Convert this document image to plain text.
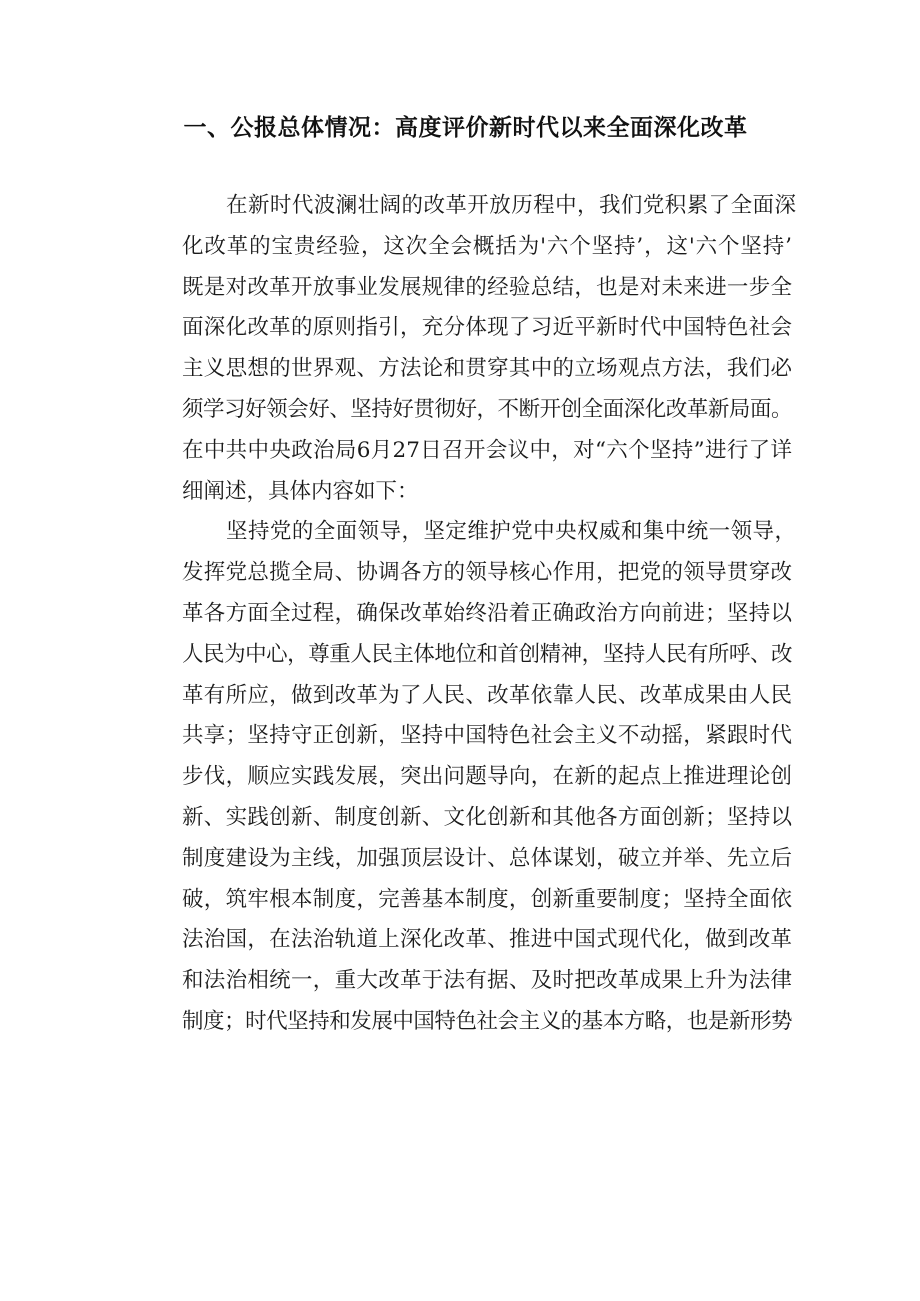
一、公报总体情况：高度评价新时代以来全面深化改革
在新时代波澜壮阔的改革开放历程中，我们党积累了全面深
化改革的宝贵经验，这次全会概括为'六个坚持’，这'六个坚持’
既是对改革开放事业发展规律的经验总结，也是对未来进一步全
面深化改革的原则指引，充分体现了习近平新时代中国特色社会
主义思想的世界观、方法论和贯穿其中的立场观点方法，我们必
须学习好领会好、坚持好贯彻好，不断开创全面深化改革新局面。
在中共中央政治局6月27日召开会议中，对“六个坚持”进行了详
细阐述，具体内容如下：
坚持党的全面领导，坚定维护党中央权威和集中统一领导，
发挥党总揽全局、协调各方的领导核心作用，把党的领导贯穿改
革各方面全过程，确保改革始终沿着正确政治方向前进；坚持以
人民为中心，尊重人民主体地位和首创精神，坚持人民有所呼、改
革有所应，做到改革为了人民、改革依靠人民、改革成果由人民
共享；坚持守正创新，坚持中国特色社会主义不动摇，紧跟时代
步伐，顺应实践发展，突出问题导向，在新的起点上推进理论创
新、实践创新、制度创新、文化创新和其他各方面创新；坚持以
制度建设为主线，加强顶层设计、总体谋划，破立并举、先立后
破，筑牢根本制度，完善基本制度，创新重要制度；坚持全面依
法治国，在法治轨道上深化改革、推进中国式现代化，做到改革
和法治相统一，重大改革于法有据、及时把改革成果上升为法律
制度；时代坚持和发展中国特色社会主义的基本方略，也是新形势
